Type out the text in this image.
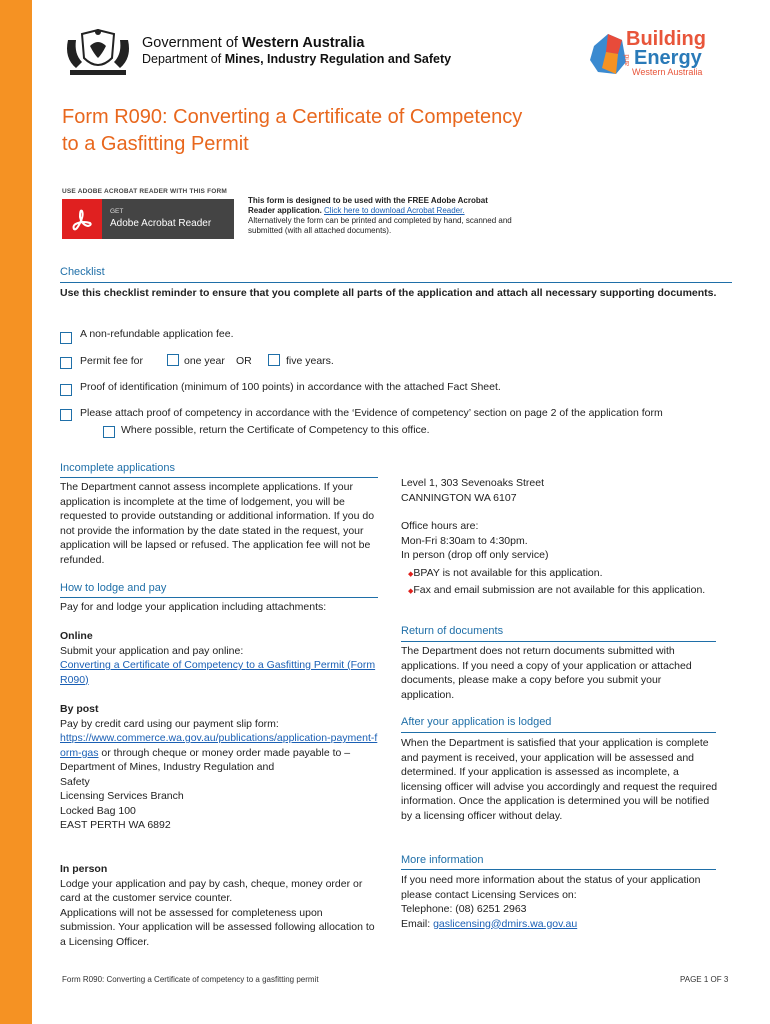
Government of Western Australia
Department of Mines, Industry Regulation and Safety
Building
and Energy
Western Australia
Form R090: Converting a Certificate of Competency
to a Gasfitting Permit
USE ADOBE ACROBAT READER WITH THIS FORM
GET
Adobe Acrobat Reader
This form is designed to be used with the FREE Adobe Acrobat
Reader application. Click here to download Acrobat Reader.
Alternatively the form can be printed and completed by hand, scanned and submitted (with all attached documents).
Checklist
Use this checklist reminder to ensure that you complete all parts of the application and attach all necessary supporting documents.
A non-refundable application fee.
Permit fee for	one year OR	five years.
Proof of identification (minimum of 100 points) in accordance with the attached Fact Sheet.
Please attach proof of competency in accordance with the ‘Evidence of competency’ section on page 2 of the application form
Where possible, return the Certificate of Competency to this office.
Incomplete applications
The Department cannot assess incomplete applications. If your application is incomplete at the time of lodgement, you will be requested to provide outstanding or additional information. If you do not provide the information by the date stated in the request, your application will be lapsed or refused. The application fee will not be refunded.
How to lodge and pay
Pay for and lodge your application including attachments:
Online
Submit your application and pay online:
Converting a Certificate of Competency to a Gasfitting Permit (Form R090)
By post
Pay by credit card using our payment slip form:
https://www.commerce.wa.gov.au/publications/application-payment-form-gas or through cheque or money order made payable to –
Department of Mines, Industry Regulation and
Safety
Licensing Services Branch
Locked Bag 100
EAST PERTH WA 6892
In person
Lodge your application and pay by cash, cheque, money order or card at the customer service counter.
Applications will not be assessed for completeness upon submission. Your application will be assessed following allocation to a Licensing Officer.
Level 1, 303 Sevenoaks Street
CANNINGTON WA 6107
Office hours are:
Mon-Fri 8:30am to 4:30pm.
In person (drop off only service)
◆BPAY is not available for this application.
◆Fax and email submission are not available for this application.
Return of documents
The Department does not return documents submitted with applications. If you need a copy of your application or attached documents, please make a copy before you submit your application.
After your application is lodged
When the Department is satisfied that your application is complete and payment is received, your application will be assessed and determined. If your application is assessed as incomplete, a licensing officer will advise you accordingly and request the required information. Once the application is determined you will be notified by a licensing officer without delay.
More information
If you need more information about the status of your application please contact Licensing Services on:
Telephone: (08) 6251 2963
Email: gaslicensing@dmirs.wa.gov.au
Form R090: Converting a Certificate of competency to a gasfitting permit	PAGE 1 OF 3
